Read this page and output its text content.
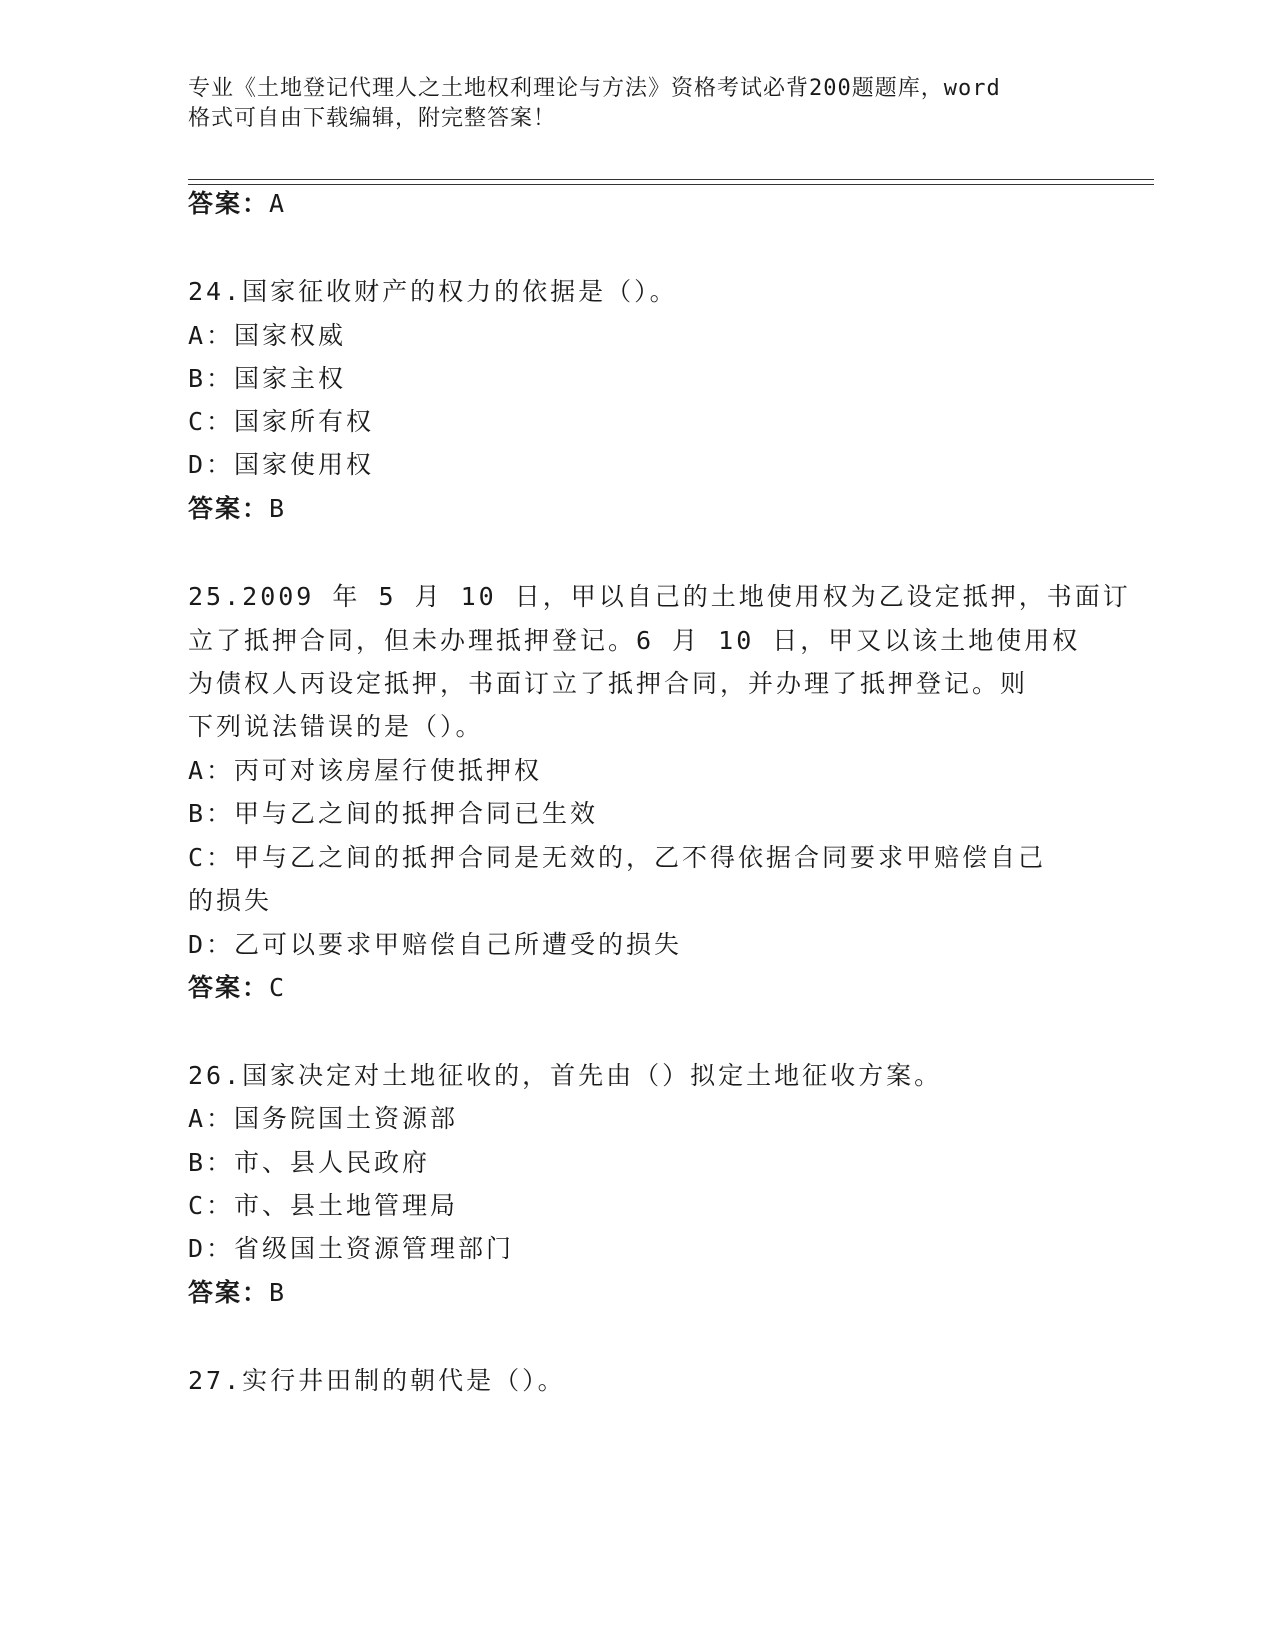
专业《土地登记代理人之土地权利理论与方法》资格考试必背200题题库，word
格式可自由下载编辑，附完整答案！
答案：A
24.国家征收财产的权力的依据是（）。
A：国家权威
B：国家主权
C：国家所有权
D：国家使用权
答案：B
25.2009 年 5 月 10 日，甲以自己的土地使用权为乙设定抵押，书面订
立了抵押合同，但未办理抵押登记。6 月 10 日，甲又以该土地使用权
为债权人丙设定抵押，书面订立了抵押合同，并办理了抵押登记。则
下列说法错误的是（）。
A：丙可对该房屋行使抵押权
B：甲与乙之间的抵押合同已生效
C：甲与乙之间的抵押合同是无效的，乙不得依据合同要求甲赔偿自己
的损失
D：乙可以要求甲赔偿自己所遭受的损失
答案：C
26.国家决定对土地征收的，首先由（）拟定土地征收方案。
A：国务院国土资源部
B：市、县人民政府
C：市、县土地管理局
D：省级国土资源管理部门
答案：B
27.实行井田制的朝代是（）。
